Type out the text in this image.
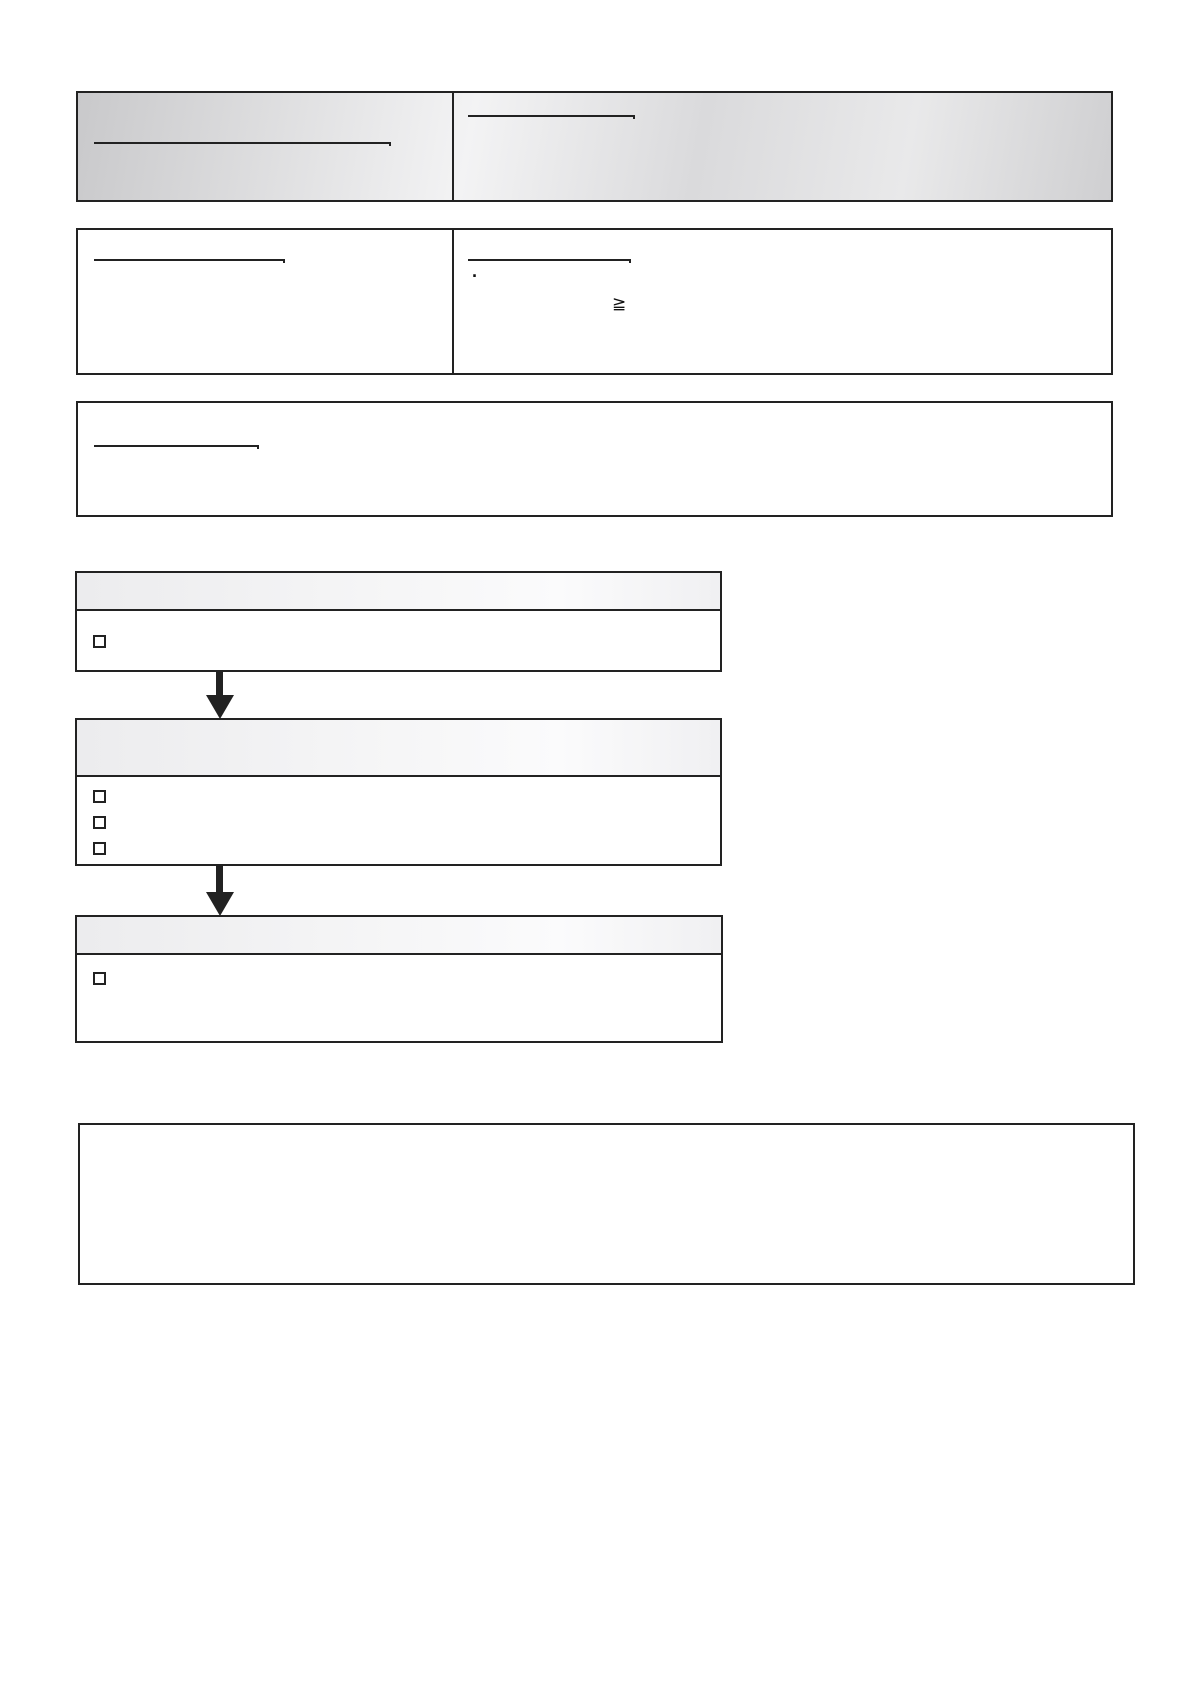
·
≧
